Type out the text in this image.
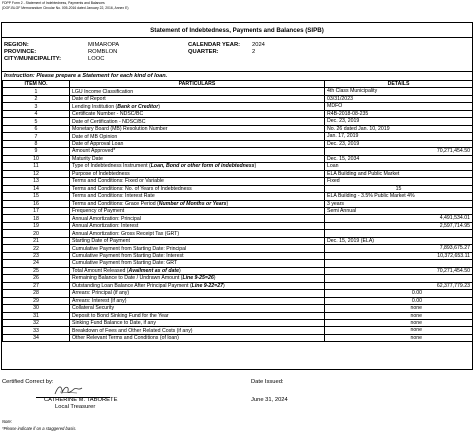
FDPP Form 2 - Statement of Indebtedness, Payments and Balances
(DOF-BLGF Memorandum Circular No. 005-2016 dated January 22, 2016, Annex E)
Statement of Indebtedness, Payments and Balances (SIPB)
REGION:	MIMAROPA
PROVINCE:	ROMBLON
CITY/MUNICIPALITY:	LOOC
CALENDAR YEAR: 2024
QUARTER:	2
Instruction: Please prepare a Statement for each kind of loan.
ITEM NO.	PARTICULARS	DETAILS
1	LGU Income Classification	4th Class Municipality

2	Date of Report	03/31/2023

3	Lending Institution (Bank or Creditor)	MDFO

4	Certificate Number - NDSC/BC	R4B-2018-08-235

5	Date of Certification - NDSC/BC	Dec. 23, 2019

6	Monetary Board (MB) Resolution Number	No. 26 dated Jan. 10, 2019

7	Date of MB Opinion	Jan. 17, 2019

8	Date of Approval Loan	Dec. 23, 2019

9	Amount Approved*	70,271,454.50

10	Maturity Date	Dec. 15, 2034

11	Type of Indebtedness Instrument (Loan, Bond or other form of indebtedness)	Loan

12	Purpose of Indebtedness	ELA Building and Public Market

13	Terms and Conditions: Fixed or Variable	Fixed

14	Terms and Conditions: No. of Years of Indebtedness	15

15	Terms and Conditions: Interest Rate	ELA Building - 3.5% Public Market 4%

16	Terms and Conditions: Grace Period (Number of Months or Years)	3 years

17	Frequency of Payment	Semi Annual

18	Annual Amortization: Principal	4,491,534.01

19	Annual Amortization: Interest	2,597,714.95

20	Annual Amortization: Gross Receipt Tax (GRT)	

21	Starting Date of Payment	Dec. 15, 2019 (ELA)

22	Cumulative Payment from Starting Date: Principal	7,893,675.27

23	Cumulative Payment from Starting Date: Interest	10,372,653.11

24	Cumulative Payment from Starting Date: GRT	

25	Total Amount Released (Availment as of date)	70,271,454.50

26	Remaining Balance to Date / Undrawn Amount (Line 9-25=26)	

27	Outstanding Loan Balance After Principal Payment (Line 9-22=27)	62,377,779.23

28	Arrears: Principal (if any)	0.00

29	Arrears: Interest (if any)	0.00

30	Collateral Security	none

31	Deposit to Bond Sinking Fund for the Year	none

32	Sinking Fund Balance to Date, if any	none

33	Breakdown of Fees and Other Related Costs (if any)	none

34	Other Relevant Terms and Conditions (of loan)	none
Certified Correct by:	Date Issued:
CATHERINE M. TABORETE
Local Treasurer
June 31, 2024
Note:
*Please indicate if on a staggered basis.
